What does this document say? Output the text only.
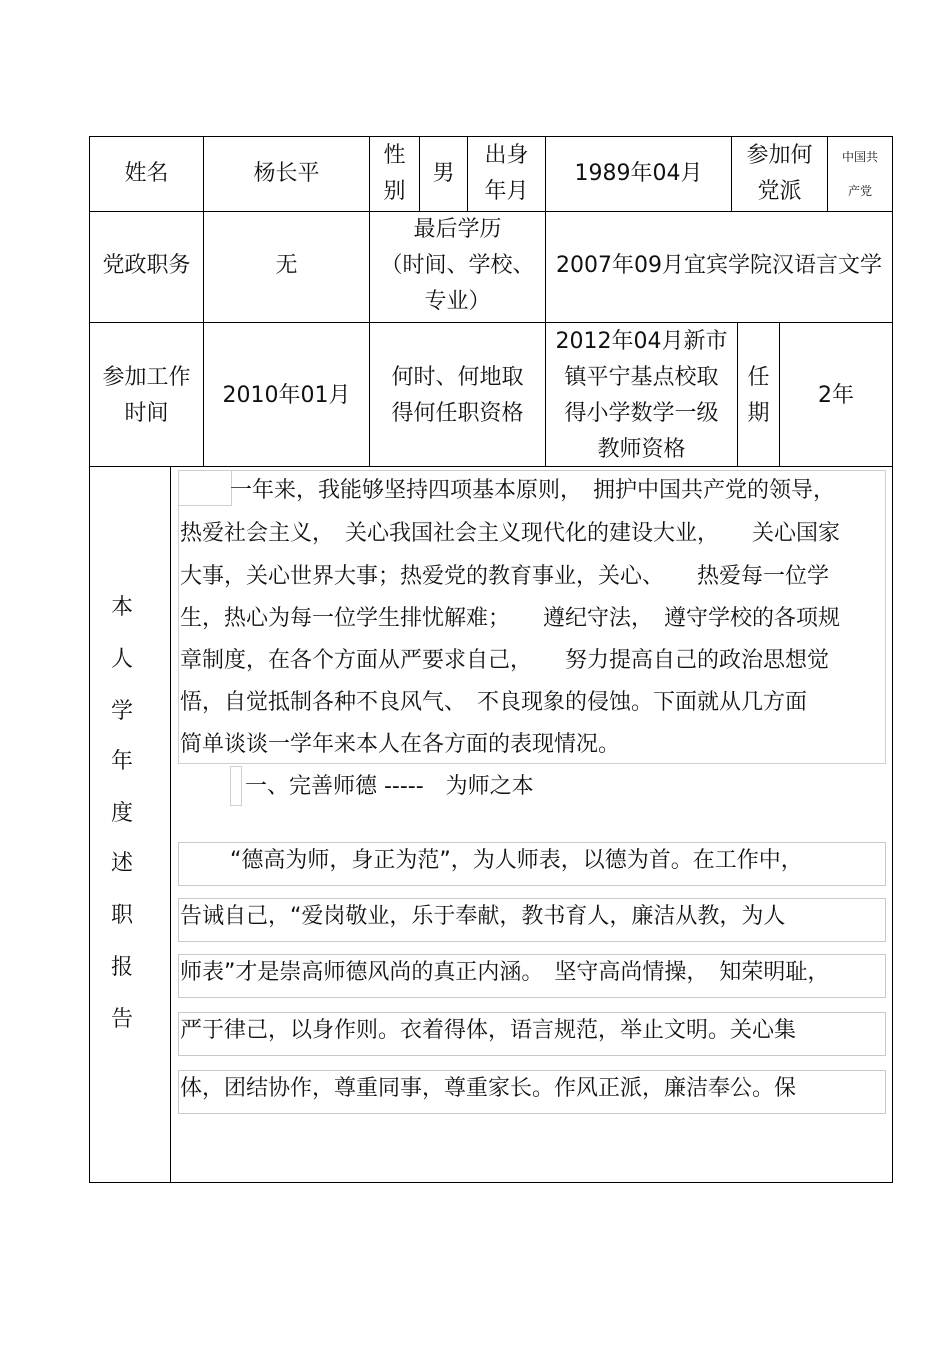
姓名	杨长平
性
别
男
出身
年月
1989年04月
参加何
党派
中国共
产党
党政职务	无
最后学历
（时间、学校、
专业）
2007年09月宜宾学院汉语言文学
参加工作
时间
2010年01月
何时、何地取
得何任职资格
2012年04月新市
镇平宁基点校取
得小学数学一级
教师资格
任
期
2年
本
人
学
年
度
述
职
报
告
一年来，我能够坚持四项基本原则，　拥护中国共产党的领导，
热爱社会主义，　关心我国社会主义现代化的建设大业，　　关心国家
大事，关心世界大事；热爱党的教育事业，关心、　　热爱每一位学
生，热心为每一位学生排忧解难；　　遵纪守法，　遵守学校的各项规
章制度，在各个方面从严要求自己，　　努力提高自己的政治思想觉
悟，自觉抵制各种不良风气、　不良现象的侵蚀。下面就从几方面
简单谈谈一学年来本人在各方面的表现情况。
一、完善师德 -----　为师之本
“德高为师，身正为范”，为人师表，以德为首。在工作中，
告诫自己，“爱岗敬业，乐于奉献，教书育人，廉洁从教，为人
师表”才是崇高师德风尚的真正内涵。　坚守高尚情操，　知荣明耻，
严于律己，以身作则。衣着得体，语言规范，举止文明。关心集
体，团结协作，尊重同事，尊重家长。作风正派，廉洁奉公。保
